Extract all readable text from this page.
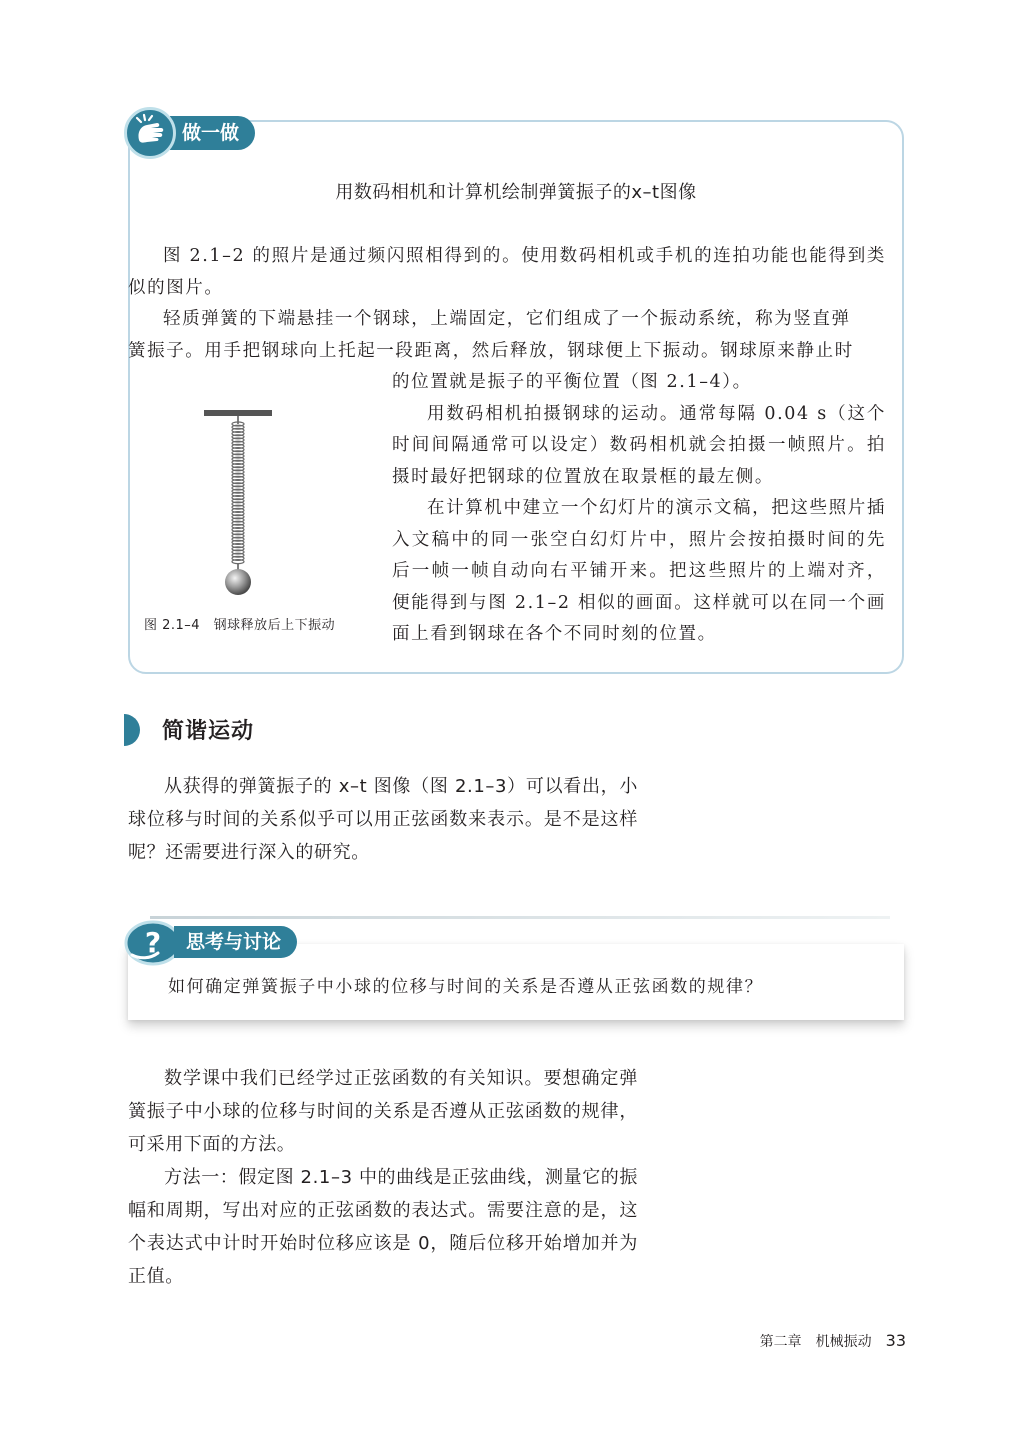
做一做
用数码相机和计算机绘制弹簧振子的x–t图像

图 2.1–2 的照片是通过频闪照相得到的。使用数码相机或手机的连拍功能也能得到类似的图片。

轻质弹簧的下端悬挂一个钢球，上端固定，它们组成了一个振动系统，称为竖直弹

簧振子。用手把钢球向上托起一段距离，然后释放，钢球便上下振动。钢球原来静止时

图 2.1–4　钢球释放后上下振动

的位置就是振子的平衡位置（图 2.1–4）。

用数码相机拍摄钢球的运动。通常每隔 0.04 s（这个时间间隔通常可以设定）数码相机就会拍摄一帧照片。拍摄时最好把钢球的位置放在取景框的最左侧。

在计算机中建立一个幻灯片的演示文稿，把这些照片插入文稿中的同一张空白幻灯片中，照片会按拍摄时间的先后一帧一帧自动向右平铺开来。把这些照片的上端对齐，便能得到与图 2.1–2 相似的画面。这样就可以在同一个画面上看到钢球在各个不同时刻的位置。

简谐运动

从获得的弹簧振子的 x–t 图像（图 2.1–3）可以看出，小球位移与时间的关系似乎可以用正弦函数来表示。是不是这样呢？还需要进行深入的研究。

?	思考与讨论
如何确定弹簧振子中小球的位移与时间的关系是否遵从正弦函数的规律？

数学课中我们已经学过正弦函数的有关知识。要想确定弹簧振子中小球的位移与时间的关系是否遵从正弦函数的规律，可采用下面的方法。

方法一：假定图 2.1–3 中的曲线是正弦曲线，测量它的振幅和周期，写出对应的正弦函数的表达式。需要注意的是，这个表达式中计时开始时位移应该是 0，随后位移开始增加并为正值。

第二章　机械振动 33
